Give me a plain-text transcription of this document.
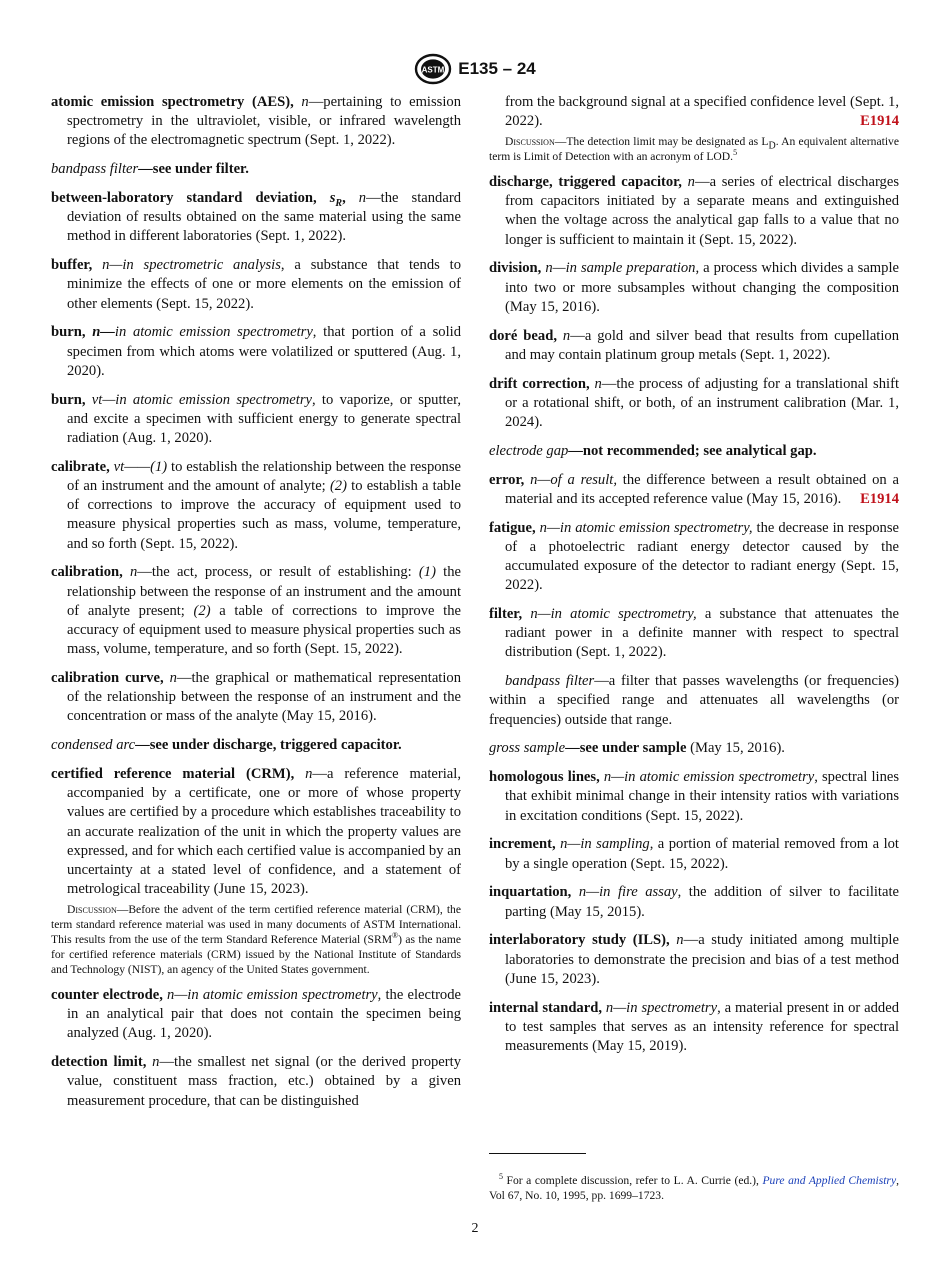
ASTM E135 – 24

atomic emission spectrometry (AES), n—pertaining to emission spectrometry in the ultraviolet, visible, or infrared wavelength regions of the electromagnetic spectrum (Sept. 1, 2022).

bandpass filter—see under filter.

between-laboratory standard deviation, $s_R$, n—the standard deviation of results obtained on the same material using the same method in different laboratories (Sept. 1, 2022).

buffer, n—in spectrometric analysis, a substance that tends to minimize the effects of one or more elements on the emission of other elements (Sept. 15, 2022).

burn, n—in atomic emission spectrometry, that portion of a solid specimen from which atoms were volatilized or sputtered (Aug. 1, 2020).

burn, vt—in atomic emission spectrometry, to vaporize, or sputter, and excite a specimen with sufficient energy to generate spectral radiation (Aug. 1, 2020).

calibrate, vt——(1) to establish the relationship between the response of an instrument and the amount of analyte; (2) to establish a table of corrections to improve the accuracy of equipment used to measure physical properties such as mass, volume, temperature, and so forth (Sept. 15, 2022).

calibration, n—the act, process, or result of establishing: (1) the relationship between the response of an instrument and the amount of analyte present; (2) a table of corrections to improve the accuracy of equipment used to measure physical properties such as mass, volume, temperature, and so forth (Sept. 15, 2022).

calibration curve, n—the graphical or mathematical representation of the relationship between the response of an instrument and the concentration or mass of the analyte (May 15, 2016).

condensed arc—see under discharge, triggered capacitor.

certified reference material (CRM), n—a reference material, accompanied by a certificate, one or more of whose property values are certified by a procedure which establishes traceability to an accurate realization of the unit in which the property values are expressed, and for which each certified value is accompanied by an uncertainty at a stated level of confidence, and a statement of metrological traceability (June 15, 2023).

Discussion—Before the advent of the term certified reference material (CRM), the term standard reference material was used in many documents of ASTM International. This results from the use of the term Standard Reference Material (SRM®) as the name for certified reference materials (CRM) issued by the National Institute of Standards and Technology (NIST), an agency of the United States government.

counter electrode, n—in atomic emission spectrometry, the electrode in an analytical pair that does not contain the specimen being analyzed (Aug. 1, 2020).

detection limit, n—the smallest net signal (or the derived property value, constituent mass fraction, etc.) obtained by a given measurement procedure, that can be distinguished

from the background signal at a specified confidence level (Sept. 1, 2022).	E1914

Discussion—The detection limit may be designated as $L_D$. An equivalent alternative term is Limit of Detection with an acronym of LOD.$^5$

discharge, triggered capacitor, n—a series of electrical discharges from capacitors initiated by a separate means and extinguished when the voltage across the analytical gap falls to a value that no longer is sufficient to maintain it (Sept. 15, 2022).

division, n—in sample preparation, a process which divides a sample into two or more subsamples without changing the composition (May 15, 2016).

doré bead, n—a gold and silver bead that results from cupellation and may contain platinum group metals (Sept. 1, 2022).

drift correction, n—the process of adjusting for a translational shift or a rotational shift, or both, of an instrument calibration (Mar. 1, 2024).

electrode gap—not recommended; see analytical gap.

error, n—of a result, the difference between a result obtained on a material and its accepted reference value (May 15, 2016). E1914

fatigue, n—in atomic emission spectrometry, the decrease in response of a photoelectric radiant energy detector caused by the accumulated exposure of the detector to radiant energy (Sept. 15, 2022).

filter, n—in atomic spectrometry, a substance that attenuates the radiant power in a definite manner with respect to spectral distribution (Sept. 1, 2022).

bandpass filter—a filter that passes wavelengths (or frequencies) within a specified range and attenuates all wavelengths (or frequencies) outside that range.

gross sample—see under sample (May 15, 2016).

homologous lines, n—in atomic emission spectrometry, spectral lines that exhibit minimal change in their intensity ratios with variations in excitation conditions (Sept. 15, 2022).

increment, n—in sampling, a portion of material removed from a lot by a single operation (Sept. 15, 2022).

inquartation, n—in fire assay, the addition of silver to facilitate parting (May 15, 2015).

interlaboratory study (ILS), n—a study initiated among multiple laboratories to demonstrate the precision and bias of a test method (June 15, 2023).

internal standard, n—in spectrometry, a material present in or added to test samples that serves as an intensity reference for spectral measurements (May 15, 2019).

$^5$ For a complete discussion, refer to L. A. Currie (ed.), Pure and Applied Chemistry, Vol 67, No. 10, 1995, pp. 1699–1723.

2
